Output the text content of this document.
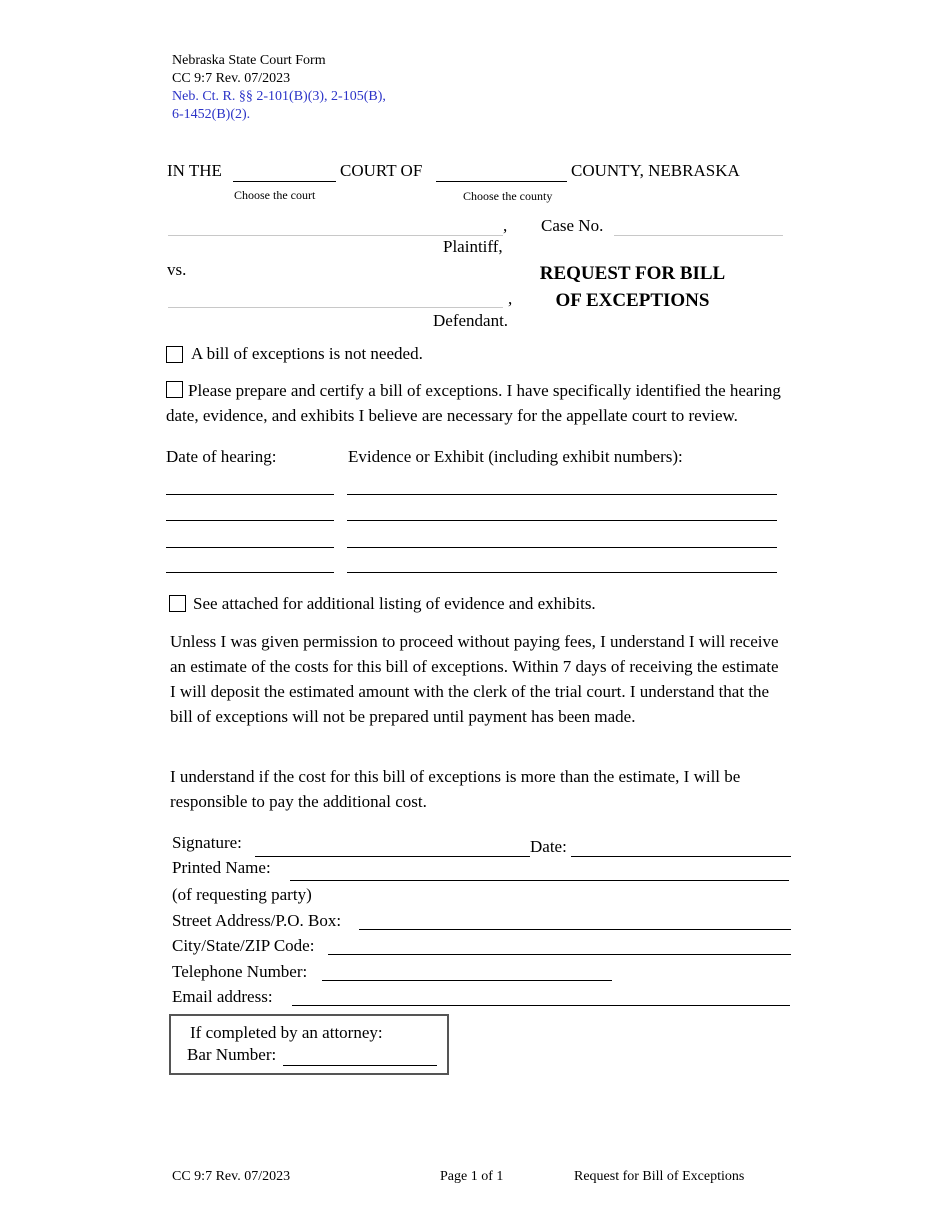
Nebraska State Court Form
CC 9:7 Rev. 07/2023
Neb. Ct. R. §§ 2-101(B)(3), 2-105(B),
6-1452(B)(2).
IN THE	COURT OF	COUNTY, NEBRASKA
Choose the court	Choose the county
,
Plaintiff,
Case No.
vs.	REQUEST FOR BILL
OF EXCEPTIONS
,
Defendant.
A bill of exceptions is not needed.
Please prepare and certify a bill of exceptions. I have specifically identified the hearing date, evidence, and exhibits I believe are necessary for the appellate court to review.
Date of hearing:	Evidence or Exhibit (including exhibit numbers):
See attached for additional listing of evidence and exhibits.
Unless I was given permission to proceed without paying fees, I understand I will receive an estimate of the costs for this bill of exceptions. Within 7 days of receiving the estimate I will deposit the estimated amount with the clerk of the trial court. I understand that the bill of exceptions will not be prepared until payment has been made.
I understand if the cost for this bill of exceptions is more than the estimate, I will be responsible to pay the additional cost.
Signature:	Date:
Printed Name:
(of requesting party)
Street Address/P.O. Box:
City/State/ZIP Code:
Telephone Number:
Email address:
If completed by an attorney:
Bar Number:
CC 9:7 Rev. 07/2023	Page 1 of 1	Request for Bill of Exceptions
